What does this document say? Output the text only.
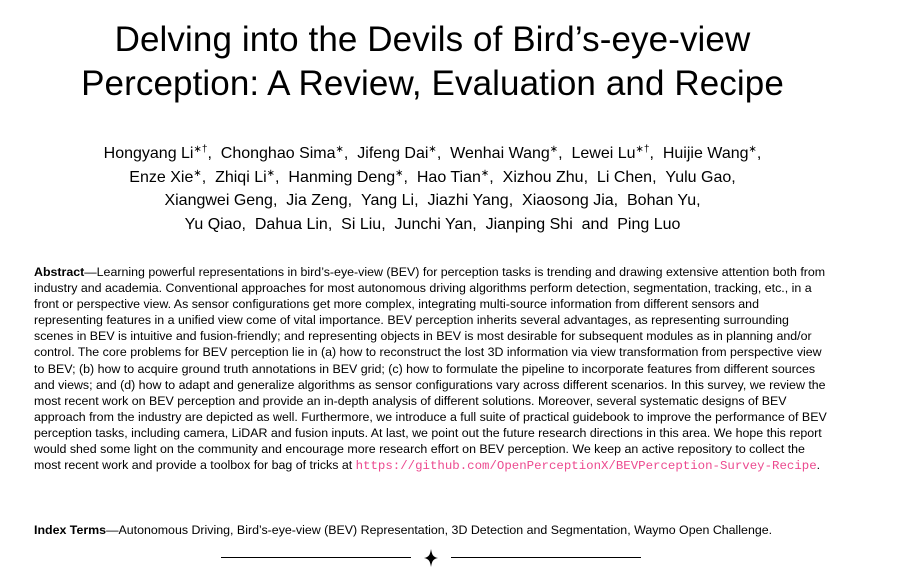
Delving into the Devils of Bird’s-eye-view
Perception: A Review, Evaluation and Recipe
Hongyang Li∗† ,  Chonghao Sima∗ ,  Jifeng Dai∗ ,  Wenhai Wang∗ ,  Lewei Lu∗† ,  Huijie Wang∗,
Enze Xie∗ ,  Zhiqi Li∗ ,  Hanming Deng∗ ,  Hao Tian∗ ,  Xizhou Zhu ,  Li Chen ,  Yulu Gao,
Xiangwei Geng ,  Jia Zeng ,  Yang Li ,  Jiazhi Yang ,  Xiaosong Jia ,  Bohan Yu,
Yu Qiao ,  Dahua Lin ,  Si Liu ,  Junchi Yan ,  Jianping Shi and Ping Luo

Abstract—Learning powerful representations in bird’s-eye-view (BEV) for perception tasks is trending and drawing extensive attention both from industry and academia. Conventional approaches for most autonomous driving algorithms perform detection, segmentation, tracking, etc., in a front or perspective view. As sensor configurations get more complex, integrating multi-source information from different sensors and representing features in a unified view come of vital importance. BEV perception inherits several advantages, as representing surrounding scenes in BEV is intuitive and fusion-friendly; and representing objects in BEV is most desirable for subsequent modules as in planning and/or control. The core problems for BEV perception lie in (a) how to reconstruct the lost 3D information via view transformation from perspective view to BEV; (b) how to acquire ground truth annotations in BEV grid; (c) how to formulate the pipeline to incorporate features from different sources and views; and (d) how to adapt and generalize algorithms as sensor configurations vary across different scenarios. In this survey, we review the most recent work on BEV perception and provide an in-depth analysis of different solutions. Moreover, several systematic designs of BEV approach from the industry are depicted as well. Furthermore, we introduce a full suite of practical guidebook to improve the performance of BEV perception tasks, including camera, LiDAR and fusion inputs. At last, we point out the future research directions in this area. We hope this report would shed some light on the community and encourage more research effort on BEV perception. We keep an active repository to collect the most recent work and provide a toolbox for bag of tricks at https://github.com/OpenPerceptionX/BEVPerception-Survey-Recipe.

Index Terms—Autonomous Driving, Bird’s-eye-view (BEV) Representation, 3D Detection and Segmentation, Waymo Open Challenge.
